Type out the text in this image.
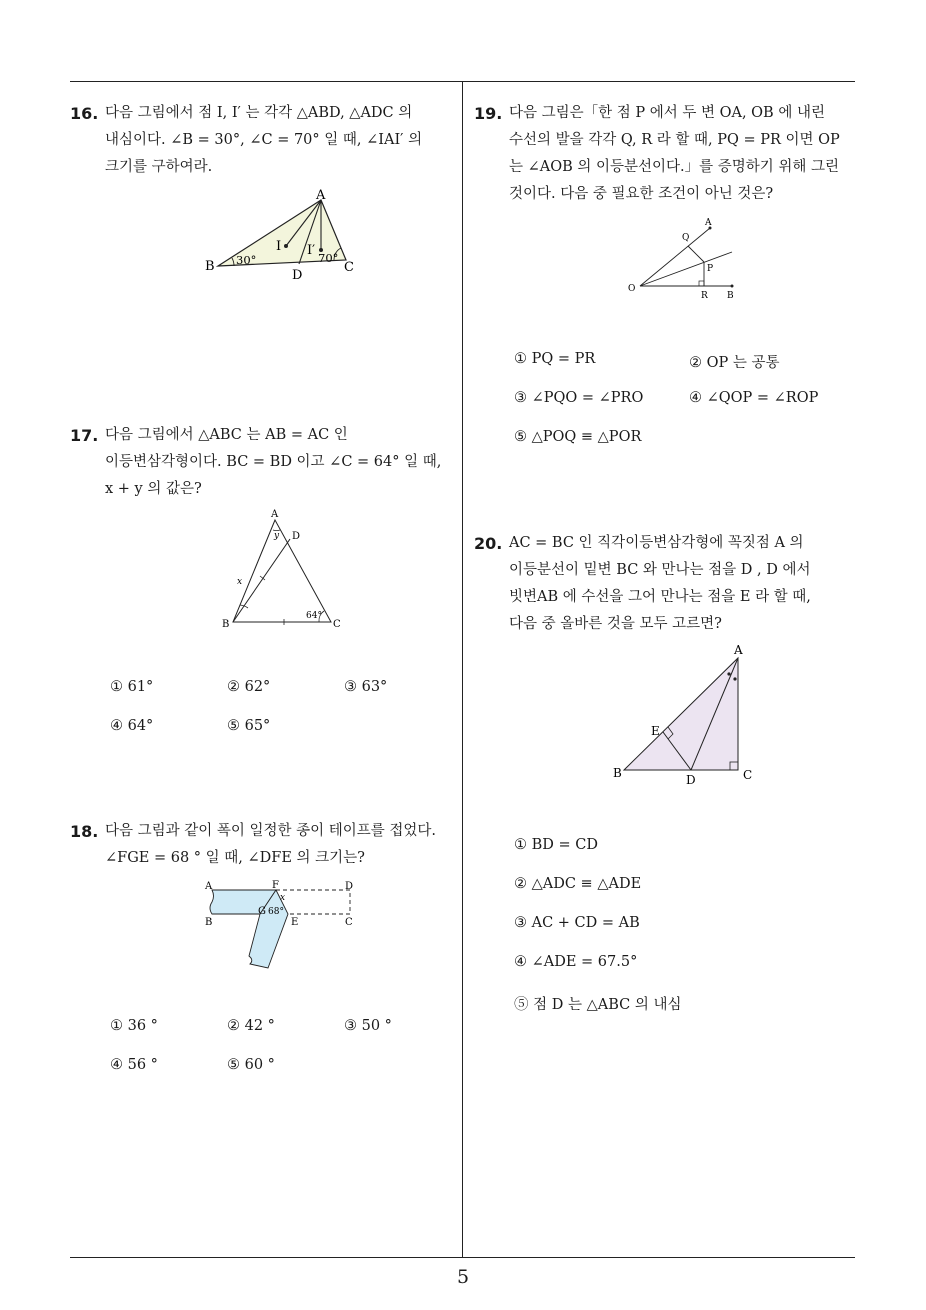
16. 다음 그림에서 점 I, I′ 는 각각 △ABD, △ADC 의
내심이다. ∠B = 30°, ∠C = 70° 일 때, ∠IAI′ 의
크기를 구하여라.
A
B	C
D
I I′
30°	70°
17. 다음 그림에서 △ABC 는 AB = AC 인
이등변삼각형이다. BC = BD 이고 ∠C = 64° 일 때,
x + y 의 값은?
A
B	C
D
y
x
64°
① 61°	② 62°	③ 63°
④ 64°	⑤ 65°
18. 다음 그림과 같이 폭이 일정한 종이 테이프를 접었다.
∠FGE = 68 ° 일 때, ∠DFE 의 크기는?
A
B	C
D
F
E
G
x
68°
① 36 °	② 42 °	③ 50 °
④ 56 °	⑤ 60 °
19. 다음 그림은「한 점 P 에서 두 변 OA, OB 에 내린
수선의 발을 각각 Q, R 라 할 때, PQ = PR 이면 OP
는 ∠AOB 의 이등분선이다.」를 증명하기 위해 그린
것이다. 다음 중 필요한 조건이 아닌 것은?
O
A
B
P
Q
R
① PQ = PR	② OP 는 공통
③ ∠PQO = ∠PRO	④ ∠QOP = ∠ROP
⑤ △POQ ≡ △POR
20. AC = BC 인 직각이등변삼각형에 꼭짓점 A 의
이등분선이 밑변 BC 와 만나는 점을 D , D 에서
빗변AB 에 수선을 그어 만나는 점을 E 라 할 때,
다음 중 올바른 것을 모두 고르면?
A
B	C
D
E
① BD = CD
② △ADC ≡ △ADE
③ AC + CD = AB
④ ∠ADE = 67.5°
⑤ 점 D 는 △ABC 의 내심
5
